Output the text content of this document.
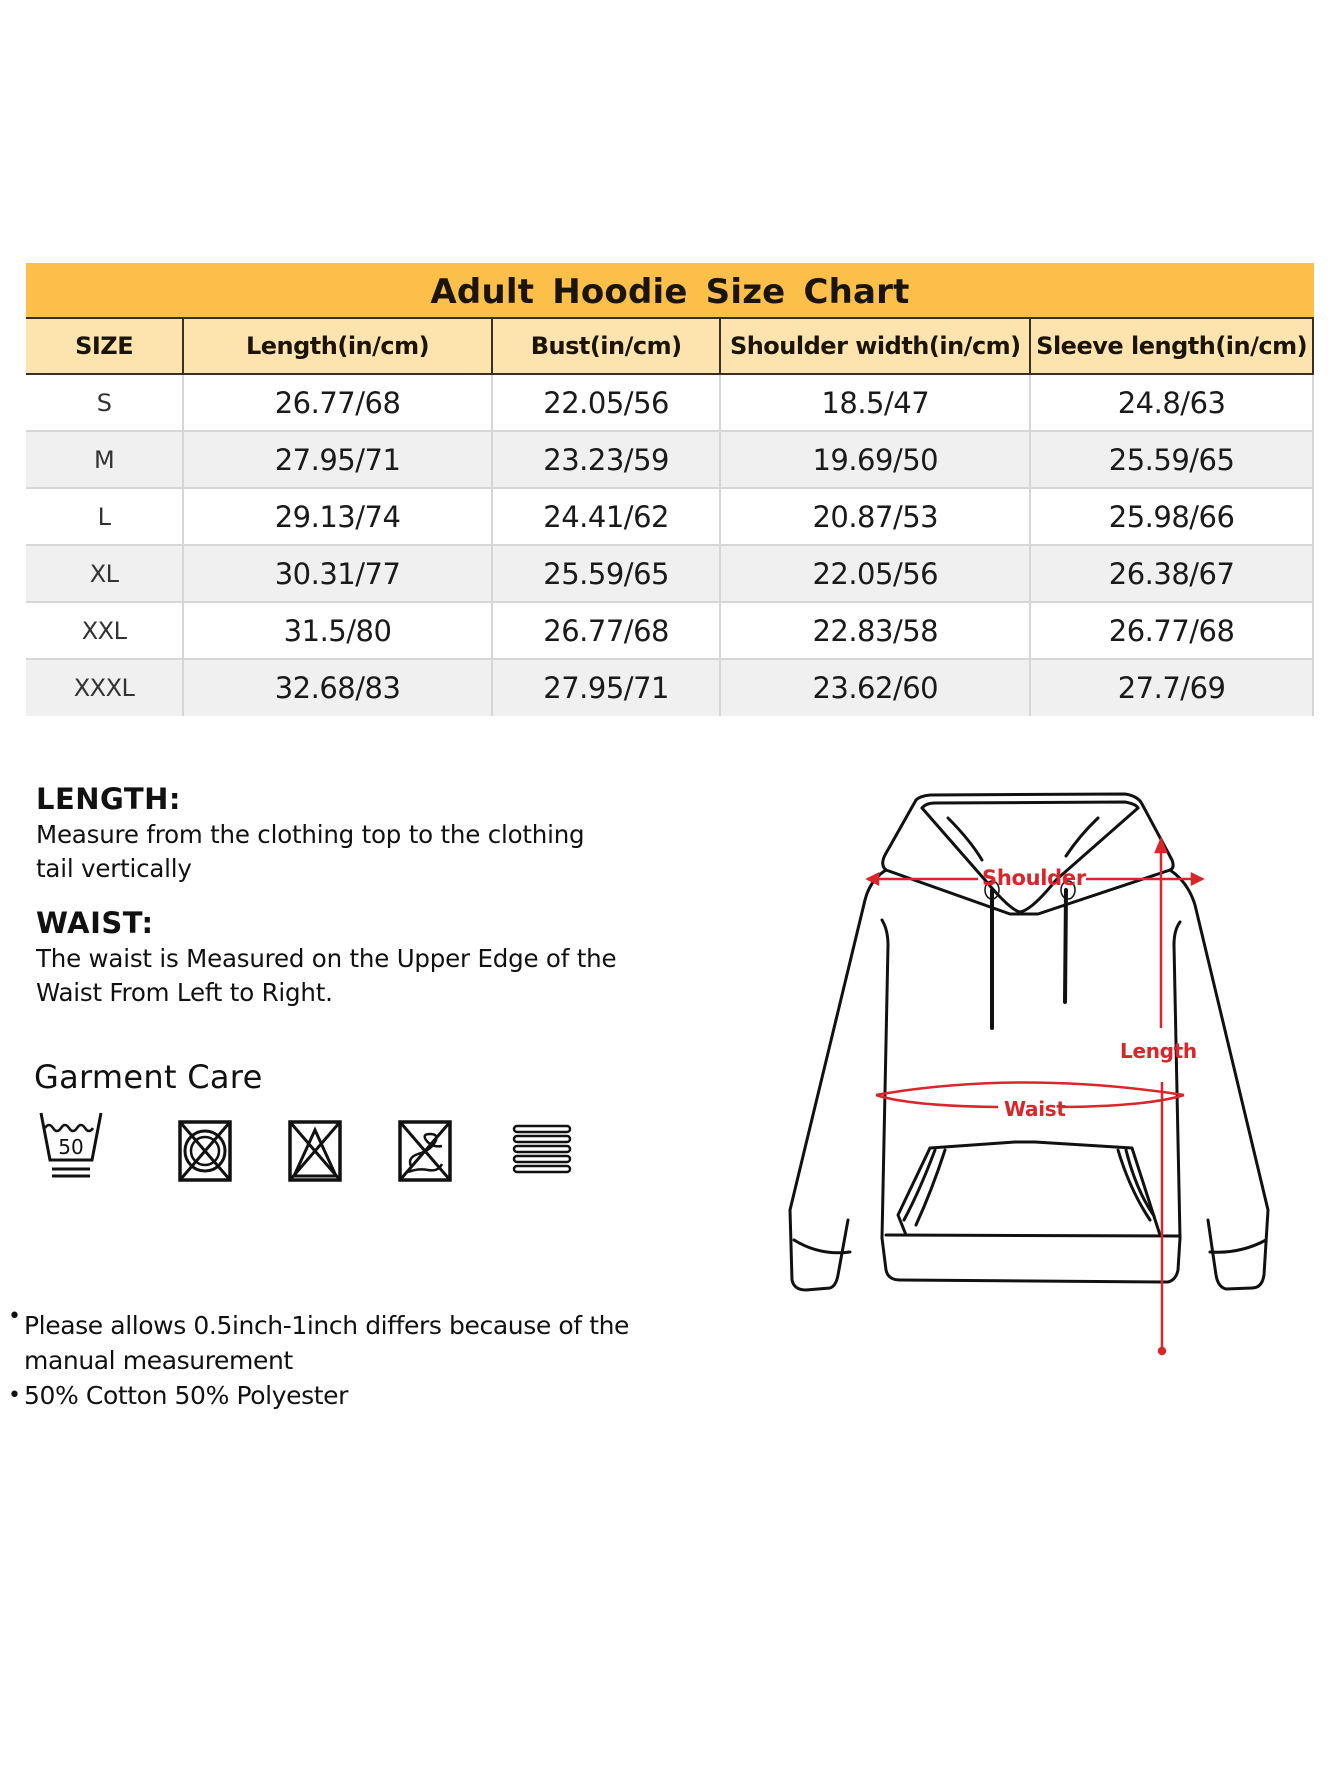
Adult Hoodie Size Chart
SIZE	Length(in/cm)	Bust(in/cm)	Shoulder width(in/cm)	Sleeve length(in/cm)
S	26.77/68	22.05/56	18.5/47	24.8/63
M	27.95/71	23.23/59	19.69/50	25.59/65
L	29.13/74	24.41/62	20.87/53	25.98/66
XL	30.31/77	25.59/65	22.05/56	26.38/67
XXL	31.5/80	26.77/68	22.83/58	26.77/68
XXXL	32.68/83	27.95/71	23.62/60	27.7/69
LENGTH:
Measure from the clothing top to the clothing
tail vertically
WAIST:
The waist is Measured on the Upper Edge of the
Waist From Left to Right.
Garment Care
50
• Please allows 0.5inch-1inch differs because of the
manual measurement
• 50% Cotton 50% Polyester
Shoulder
Length
Waist
